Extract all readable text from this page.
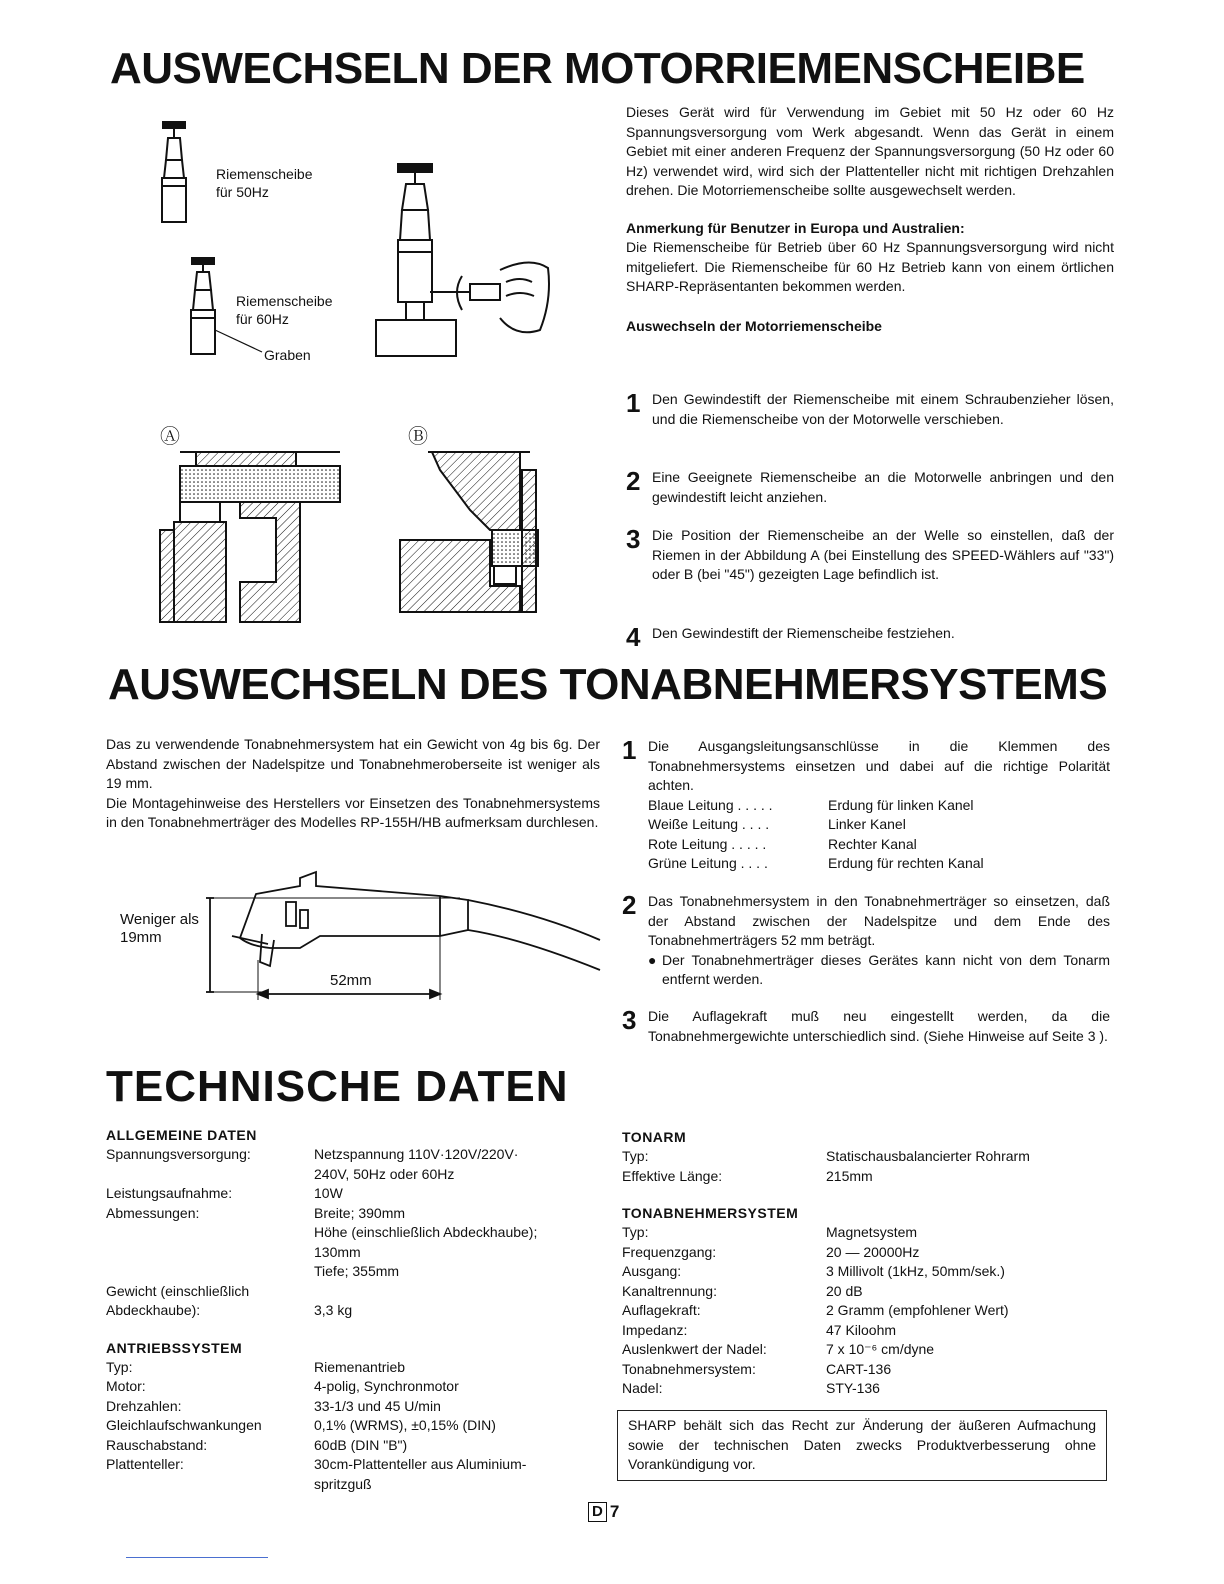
AUSWECHSELN DER MOTORRIEMENSCHEIBE
Riemenscheibe
für 50Hz
Riemenscheibe
für 60Hz
Graben
Ⓐ	Ⓑ

Dieses Gerät wird für Verwendung im Gebiet mit 50 Hz oder 60 Hz Spannungsversorgung vom Werk abgesandt. Wenn das Gerät in einem Gebiet mit einer anderen Frequenz der Spannungsversorgung (50 Hz oder 60 Hz) verwendet wird, wird sich der Plattenteller nicht mit richtigen Drehzahlen drehen. Die Motorriemenscheibe sollte ausgewechselt werden.

Anmerkung für Benutzer in Europa und Australien:

Die Riemenscheibe für Betrieb über 60 Hz Spannungsversorgung wird nicht mitgeliefert. Die Riemenscheibe für 60 Hz Betrieb kann von einem örtlichen SHARP-Repräsentanten bekommen werden.

Auswechseln der Motorriemenscheibe

1 Den Gewindestift der Riemenscheibe mit einem Schraubenzieher lösen, und die Riemenscheibe von der Motorwelle verschieben.
2 Eine Geeignete Riemenscheibe an die Motorwelle anbringen und den gewindestift leicht anziehen.
3 Die Position der Riemenscheibe an der Welle so einstellen, daß der Riemen in der Abbildung A (bei Einstellung des SPEED-Wählers auf "33") oder B (bei "45") gezeigten Lage befindlich ist.
4 Den Gewindestift der Riemenscheibe festziehen.
AUSWECHSELN DES TONABNEHMERSYSTEMS

Das zu verwendende Tonabnehmersystem hat ein Gewicht von 4g bis 6g. Der Abstand zwischen der Nadelspitze und Tonabnehmeroberseite ist weniger als 19 mm.

Die Montagehinweise des Herstellers vor Einsetzen des Tonabnehmersystems in den Tonabnehmerträger des Modelles RP-155H/HB aufmerksam durchlesen.

Weniger als
19mm
52mm
1 Die Ausgangsleitungsanschlüsse in die Klemmen des Tonabnehmersystems einsetzen und dabei auf die richtige Polarität achten.
Blaue Leitung . . . . .	Erdung für linken Kanel
Weiße Leitung . . . .	Linker Kanel
Rote Leitung . . . . .	Rechter Kanal
Grüne Leitung . . . .	Erdung für rechten Kanal
2 Das Tonabnehmersystem in den Tonabnehmerträger so einsetzen, daß der Abstand zwischen der Nadelspitze und dem Ende des Tonabnehmerträgers 52 mm beträgt.
● Der Tonabnehmerträger dieses Gerätes kann nicht von dem Tonarm entfernt werden.
3 Die Auflagekraft muß neu eingestellt werden, da die Tonabnehmergewichte unterschiedlich sind. (Siehe Hinweise auf Seite 3 ).
TECHNISCHE DATEN

ALLGEMEINE DATEN

Spannungsversorgung:	Netzspannung 110V·120V/220V·
240V, 50Hz oder 60Hz
Leistungsaufnahme:	10W
Abmessungen:	Breite; 390mm
Höhe (einschließlich Abdeckhaube);
130mm
Tiefe; 355mm
Gewicht (einschließlich
Abdeckhaube):	
3,3 kg

ANTRIEBSSYSTEM

Typ:	Riemenantrieb
Motor:	4-polig, Synchronmotor
Drehzahlen:	33-1/3 und 45 U/min
Gleichlaufschwankungen	0,1% (WRMS), ±0,15% (DIN)
Rauschabstand:	60dB (DIN "B")
Plattenteller:	30cm-Plattenteller aus Aluminium-
spritzguß

TONARM

Typ:	Statischausbalancierter Rohrarm
Effektive Länge:	215mm

TONABNEHMERSYSTEM

Typ:	Magnetsystem
Frequenzgang:	20 — 20000Hz
Ausgang:	3 Millivolt (1kHz, 50mm/sek.)
Kanaltrennung:	20 dB
Auflagekraft:	2 Gramm (empfohlener Wert)
Impedanz:	47 Kiloohm
Auslenkwert der Nadel:	7 x 10⁻⁶ cm/dyne
Tonabnehmersystem:	CART-136
Nadel:	STY-136
SHARP behält sich das Recht zur Änderung der äußeren Aufmachung sowie der technischen Daten zwecks Produktverbesserung ohne Vorankündigung vor.
D 7
